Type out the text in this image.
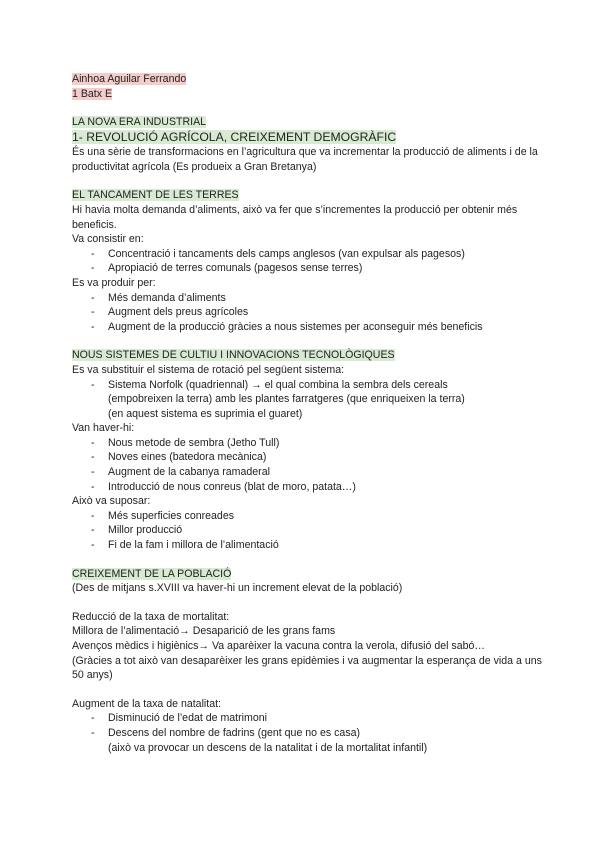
Ainhoa Aguilar Ferrando
1 Batx E
LA NOVA ERA INDUSTRIAL
1- REVOLUCIÓ AGRÍCOLA, CREIXEMENT DEMOGRÀFIC
És una sèrie de transformacions en l’agricultura que va incrementar la producció de aliments i de la productivitat agrícola (Es produeix a Gran Bretanya)
EL TANCAMENT DE LES TERRES
Hi havia molta demanda d’aliments, això va fer que s’incrementes la producció per obtenir més beneficis.
Va consistir en:
- Concentració i tancaments dels camps anglesos (van expulsar als pagesos)
- Apropiació de terres comunals (pagesos sense terres)
Es va produir per:
- Més demanda d’aliments
- Augment dels preus agrícoles
- Augment de la producció gràcies a nous sistemes per aconseguir més beneficis
NOUS SISTEMES DE CULTIU I INNOVACIONS TECNOLÒGIQUES
Es va substituir el sistema de rotació pel següent sistema:
- Sistema Norfolk (quadriennal) → el qual combina la sembra dels cereals
(empobreixen la terra) amb les plantes farratgeres (que enriqueixen la terra)
(en aquest sistema es suprimia el guaret)
Van haver-hi:
- Nous metode de sembra (Jetho Tull)
- Noves eines (batedora mecànica)
- Augment de la cabanya ramaderal
- Introducció de nous conreus (blat de moro, patata…)
Això va suposar:
- Més superficies conreades
- Millor producció
- Fi de la fam i millora de l’alimentació
CREIXEMENT DE LA POBLACIÓ
(Des de mitjans s.XVIII va haver-hi un increment elevat de la població)
Reducció de la taxa de mortalitat:
Millora de l’alimentació→ Desaparició de les grans fams
Avenços mèdics i higiènics→ Va aparèixer la vacuna contra la verola, difusió del sabó…
(Gràcies a tot això van desaparèixer les grans epidèmies i va augmentar la esperança de vida a uns 50 anys)
Augment de la taxa de natalitat:
- Disminució de l’edat de matrimoni
- Descens del nombre de fadrins (gent que no es casa)
(això va provocar un descens de la natalitat i de la mortalitat infantil)
